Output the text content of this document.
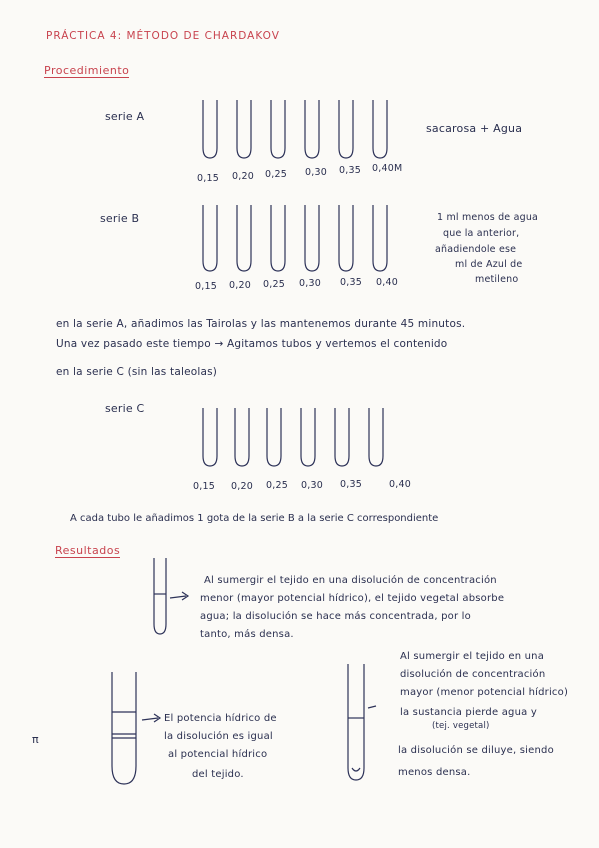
PRÁCTICA 4: MÉTODO DE CHARDAKOV
Procedimiento
serie A
sacarosa + Agua
0,15 0,20 0,25 0,30 0,35 0,40M
serie B	1 ml menos de agua
que la anterior,
añadiendole ese
ml de Azul de
metileno
0,15 0,20 0,25 0,30 0,35 0,40
en la serie A, añadimos las Tairolas y las mantenemos durante 45 minutos.
Una vez pasado este tiempo → Agitamos tubos y vertemos el contenido
en la serie C (sin las taleolas)
serie C
0,15 0,20 0,25 0,30 0,35	0,40
A cada tubo le añadimos 1 gota de la serie B a la serie C correspondiente
Resultados
Al sumergir el tejido en una disolución de concentración
menor (mayor potencial hídrico), el tejido vegetal absorbe
agua; la disolución se hace más concentrada, por lo
tanto, más densa.
π
El potencia hídrico de
la disolución es igual
al potencial hídrico
del tejido.
Al sumergir el tejido en una
disolución de concentración
mayor (menor potencial hídrico)
la sustancia pierde agua y
(tej. vegetal)
la disolución se diluye, siendo
menos densa.
